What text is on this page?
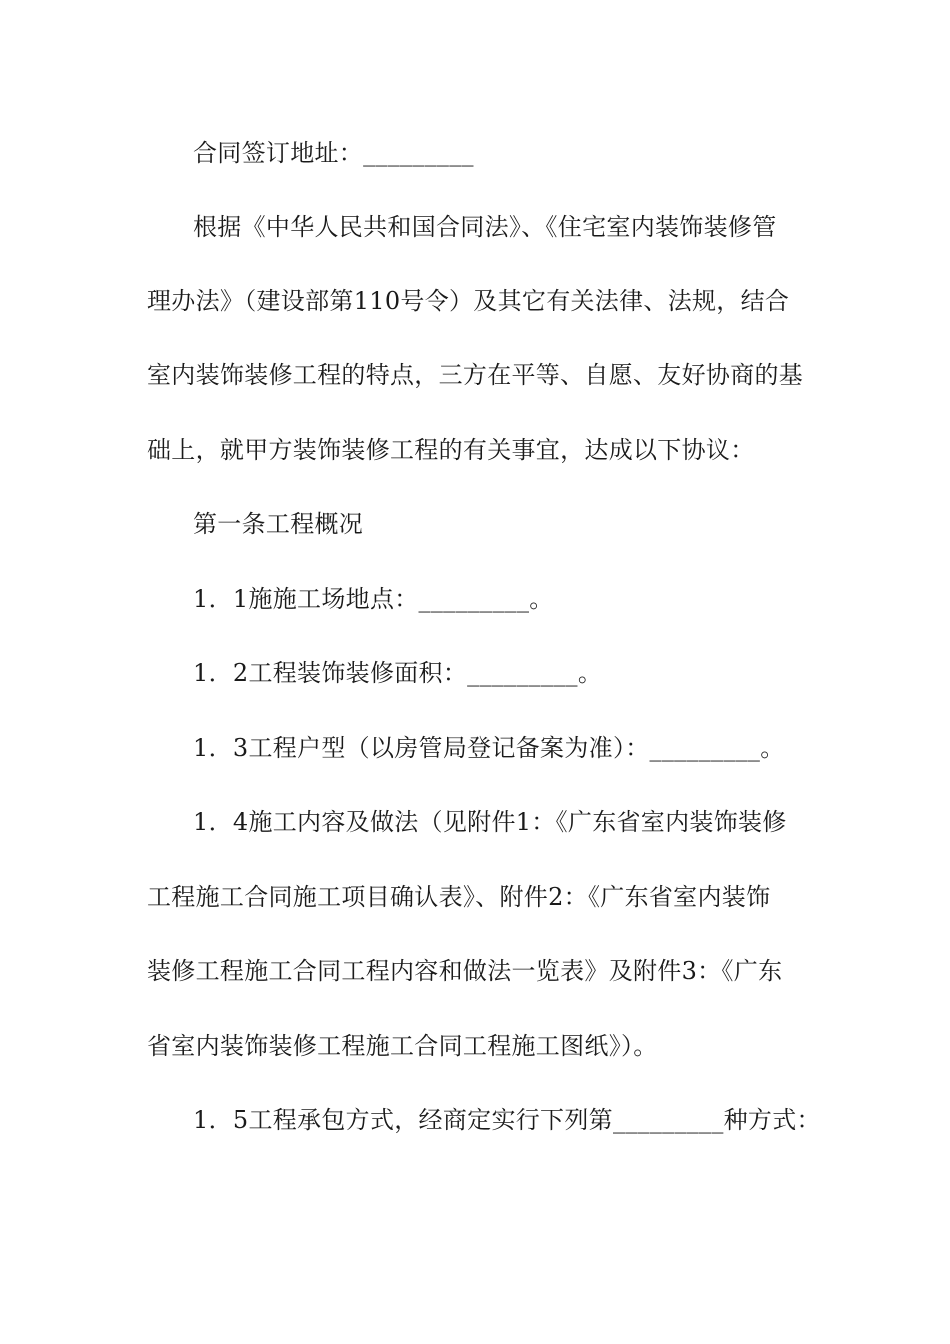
合同签订地址：_________
根据《中华人民共和国合同法》、《住宅室内装饰装修管
理办法》（建设部第110号令）及其它有关法律、法规，结合
室内装饰装修工程的特点，三方在平等、自愿、友好协商的基
础上，就甲方装饰装修工程的有关事宜，达成以下协议：
第一条工程概况
1．1施施工场地点：_________。
1．2工程装饰装修面积：_________。
1．3工程户型（以房管局登记备案为准）：_________。
1．4施工内容及做法（见附件1：《广东省室内装饰装修
工程施工合同施工项目确认表》、附件2：《广东省室内装饰
装修工程施工合同工程内容和做法一览表》及附件3：《广东
省室内装饰装修工程施工合同工程施工图纸》）。
1．5工程承包方式，经商定实行下列第_________种方式：
